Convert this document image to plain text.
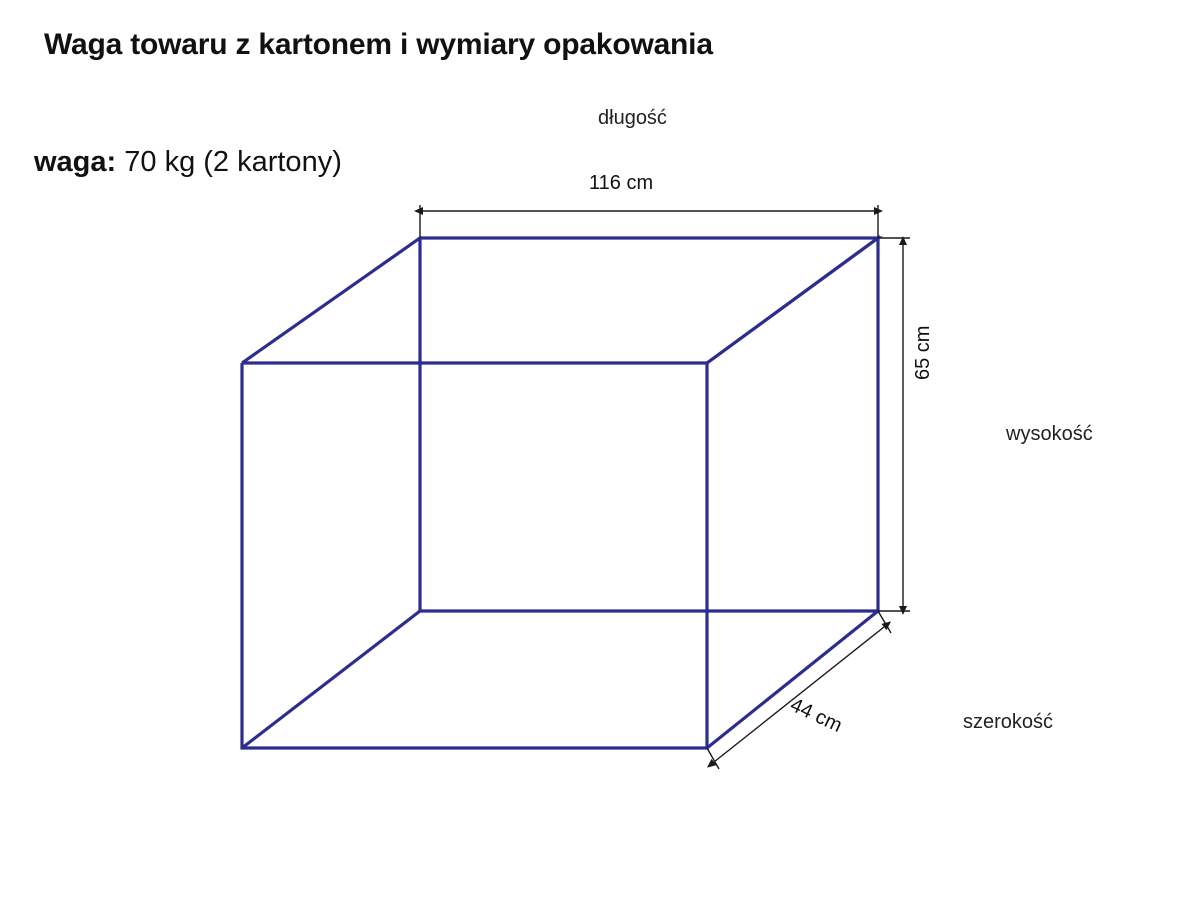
Waga towaru z kartonem i wymiary opakowania
waga: 70 kg (2 kartony)
długość
wysokość
szerokość
116 cm
65 cm
44 cm
